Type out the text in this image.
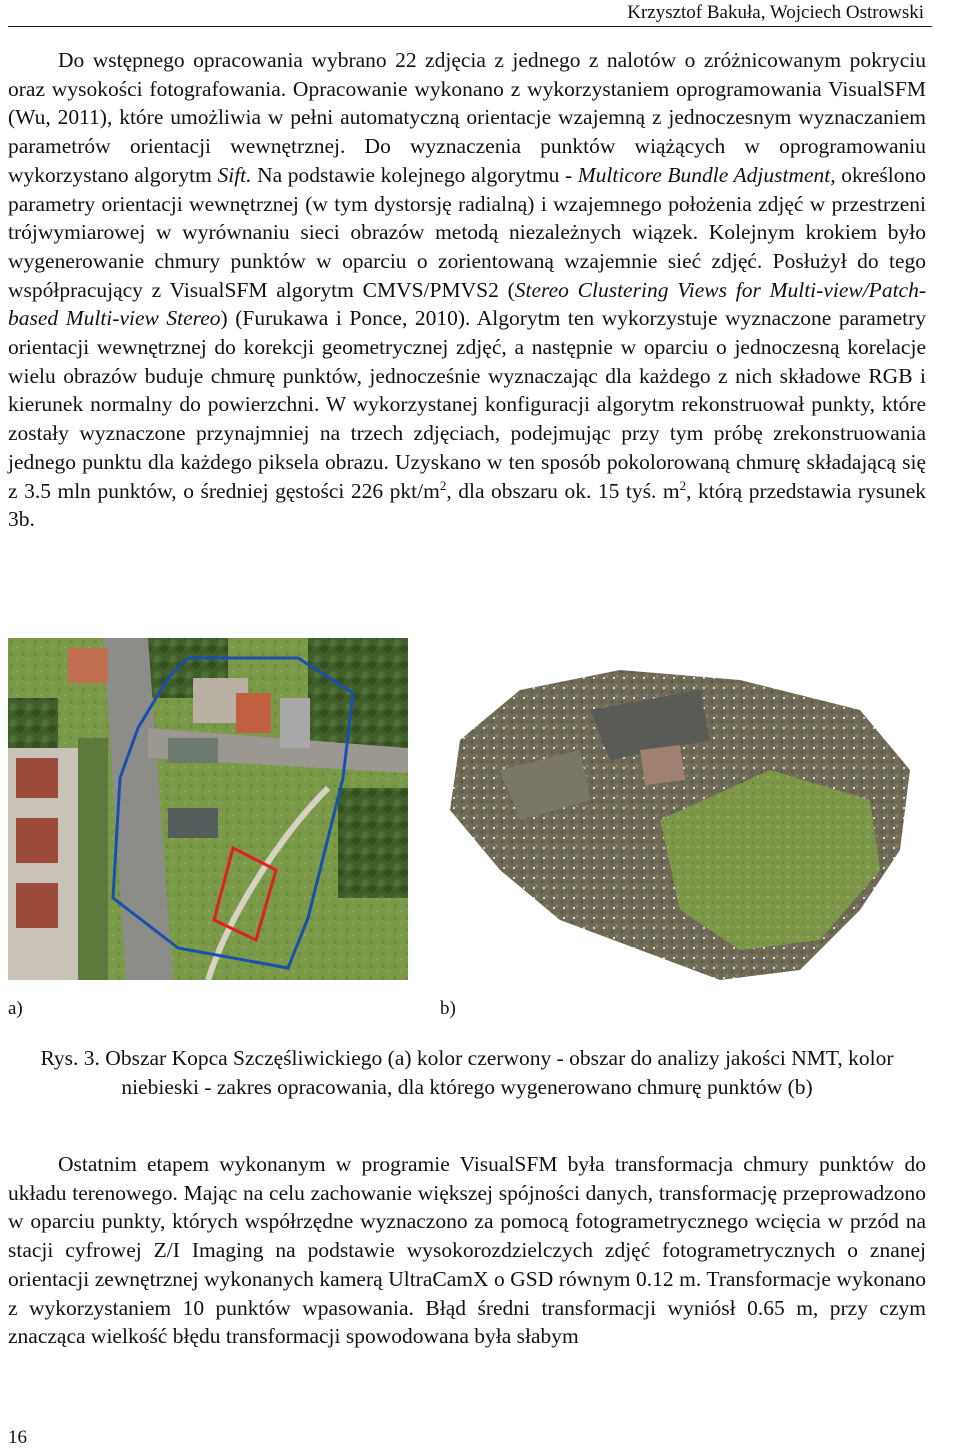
Krzysztof Bakuła, Wojciech Ostrowski
Do wstępnego opracowania wybrano 22 zdjęcia z jednego z nalotów o zróżnicowanym pokryciu oraz wysokości fotografowania. Opracowanie wykonano z wykorzystaniem oprogramowania VisualSFM (Wu, 2011), które umożliwia w pełni automatyczną orientacje wzajemną z jednoczesnym wyznaczaniem parametrów orientacji wewnętrznej. Do wyznaczenia punktów wiążących w oprogramowaniu wykorzystano algorytm Sift. Na podstawie kolejnego algorytmu - Multicore Bundle Adjustment, określono parametry orientacji wewnętrznej (w tym dystorsję radialną) i wzajemnego położenia zdjęć w przestrzeni trójwymiarowej w wyrównaniu sieci obrazów metodą niezależnych wiązek. Kolejnym krokiem było wygenerowanie chmury punktów w oparciu o zorientowaną wzajemnie sieć zdjęć. Posłużył do tego współpracujący z VisualSFM algorytm CMVS/PMVS2 (Stereo Clustering Views for Multi-view/Patch-based Multi-view Stereo) (Furukawa i Ponce, 2010). Algorytm ten wykorzystuje wyznaczone parametry orientacji wewnętrznej do korekcji geometrycznej zdjęć, a następnie w oparciu o jednoczesną korelacje wielu obrazów buduje chmurę punktów, jednocześnie wyznaczając dla każdego z nich składowe RGB i kierunek normalny do powierzchni. W wykorzystanej konfiguracji algorytm rekonstruował punkty, które zostały wyznaczone przynajmniej na trzech zdjęciach, podejmując przy tym próbę zrekonstruowania jednego punktu dla każdego piksela obrazu. Uzyskano w ten sposób pokolorowaną chmurę składającą się z 3.5 mln punktów, o średniej gęstości 226 pkt/$m^2$, dla obszaru ok. 15 tyś. $m^2$, którą przedstawia rysunek 3b.
a)	b)
Rys. 3. Obszar Kopca Szczęśliwickiego (a) kolor czerwony - obszar do analizy jakości NMT, kolor niebieski - zakres opracowania, dla którego wygenerowano chmurę punktów (b)
Ostatnim etapem wykonanym w programie VisualSFM była transformacja chmury punktów do układu terenowego. Mając na celu zachowanie większej spójności danych, transformację przeprowadzono w oparciu punkty, których współrzędne wyznaczono za pomocą fotogrametrycznego wcięcia w przód na stacji cyfrowej Z/I Imaging na podstawie wysokorozdzielczych zdjęć fotogrametrycznych o znanej orientacji zewnętrznej wykonanych kamerą UltraCamX o GSD równym 0.12 m. Transformacje wykonano z wykorzystaniem 10 punktów wpasowania. Błąd średni transformacji wyniósł 0.65 m, przy czym znacząca wielkość błędu transformacji spowodowana była słabym
16
